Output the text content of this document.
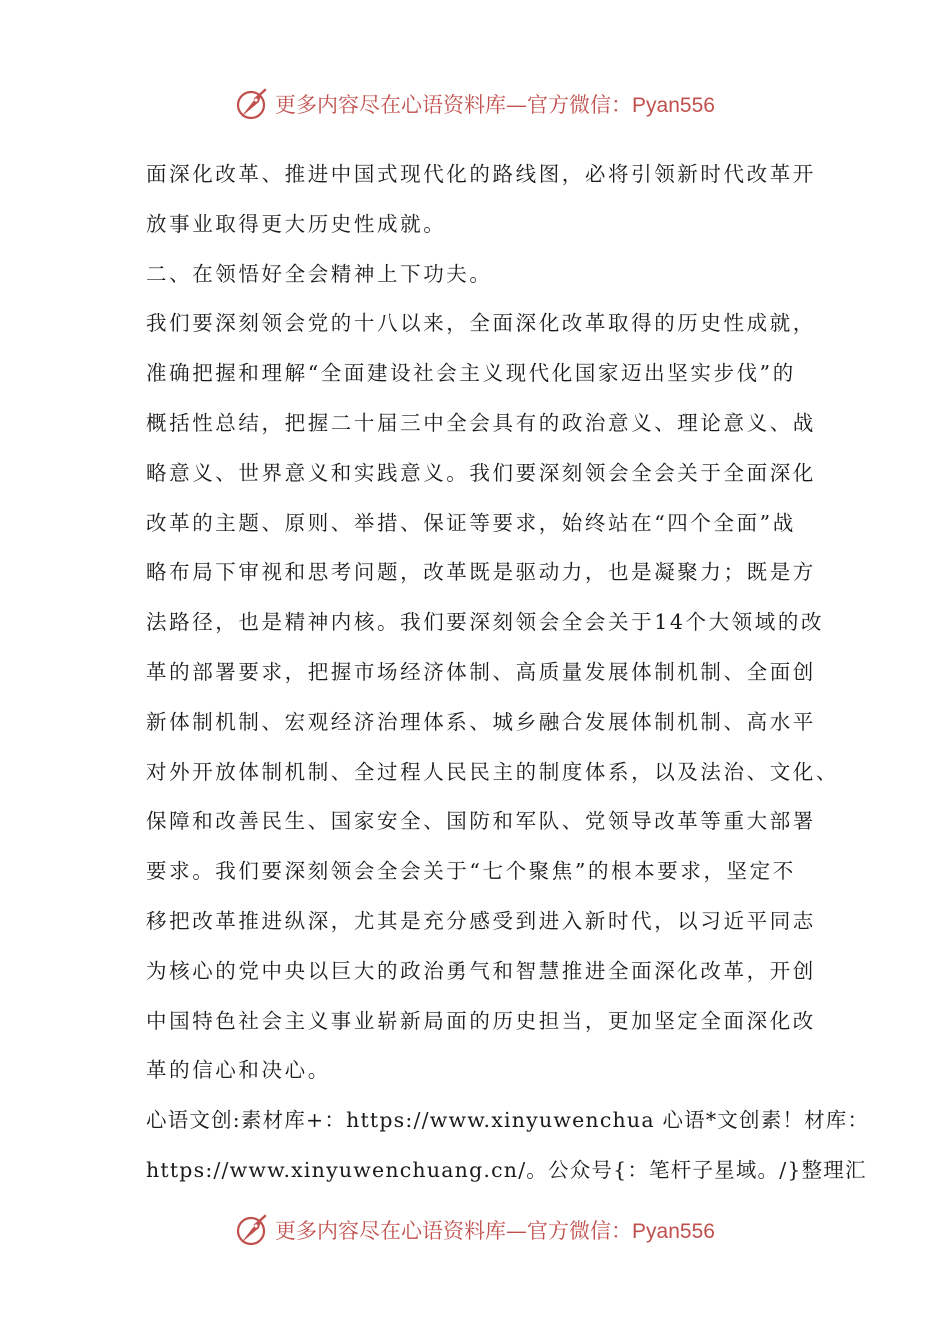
更多内容尽在心语资料库—官方微信：Pyan556
面深化改革、推进中国式现代化的路线图，必将引领新时代改革开
放事业取得更大历史性成就。
二、在领悟好全会精神上下功夫。
我们要深刻领会党的十八以来，全面深化改革取得的历史性成就，
准确把握和理解“全面建设社会主义现代化国家迈出坚实步伐”的
概括性总结，把握二十届三中全会具有的政治意义、理论意义、战
略意义、世界意义和实践意义。我们要深刻领会全会关于全面深化
改革的主题、原则、举措、保证等要求，始终站在“四个全面”战
略布局下审视和思考问题，改革既是驱动力，也是凝聚力；既是方
法路径，也是精神内核。我们要深刻领会全会关于14个大领域的改
革的部署要求，把握市场经济体制、高质量发展体制机制、全面创
新体制机制、宏观经济治理体系、城乡融合发展体制机制、高水平
对外开放体制机制、全过程人民民主的制度体系，以及法治、文化、
保障和改善民生、国家安全、国防和军队、党领导改革等重大部署
要求。我们要深刻领会全会关于“七个聚焦”的根本要求，坚定不
移把改革推进纵深，尤其是充分感受到进入新时代，以习近平同志
为核心的党中央以巨大的政治勇气和智慧推进全面深化改革，开创
中国特色社会主义事业崭新局面的历史担当，更加坚定全面深化改
革的信心和决心。
心语文创:素材库+：https://www.xinyuwenchua 心语*文创素！材库：
https://www.xinyuwenchuang.cn/。公众号{：笔杆子星域。/}整理汇
更多内容尽在心语资料库—官方微信：Pyan556
